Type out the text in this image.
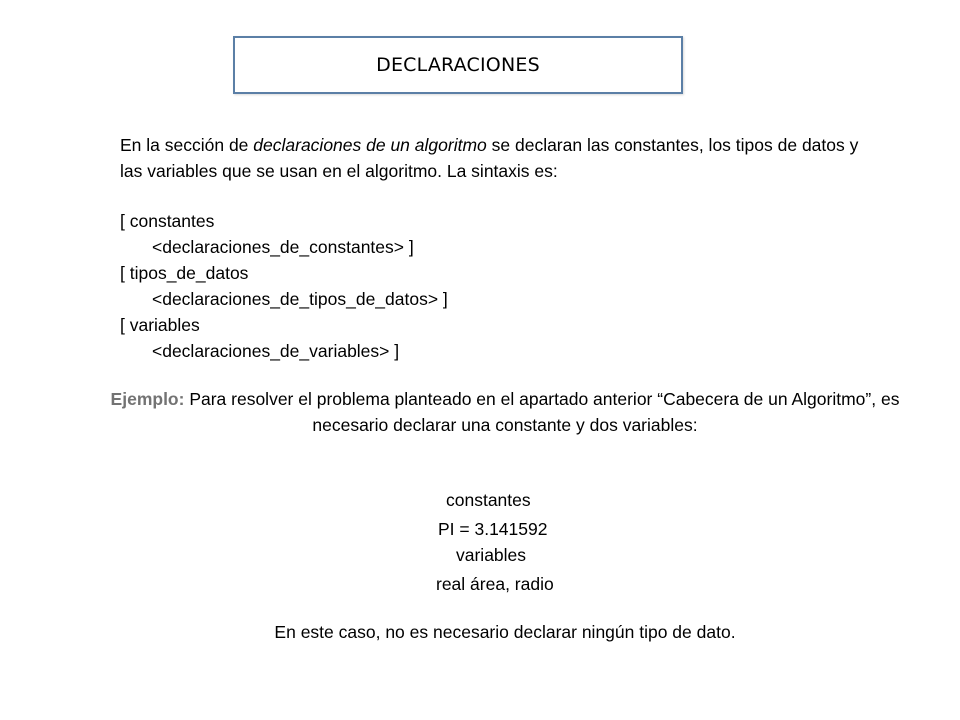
DECLARACIONES
En la sección de declaraciones de un algoritmo se declaran las constantes, los tipos de datos y las variables que se usan en el algoritmo. La sintaxis es:
[ constantes
<declaraciones_de_constantes> ]
[ tipos_de_datos
<declaraciones_de_tipos_de_datos> ]
[ variables
<declaraciones_de_variables> ]
Ejemplo: Para resolver el problema planteado en el apartado anterior “Cabecera de un Algoritmo”, es necesario declarar una constante y dos variables:
constantes
PI = 3.141592
variables
real área, radio
En este caso, no es necesario declarar ningún tipo de dato.
